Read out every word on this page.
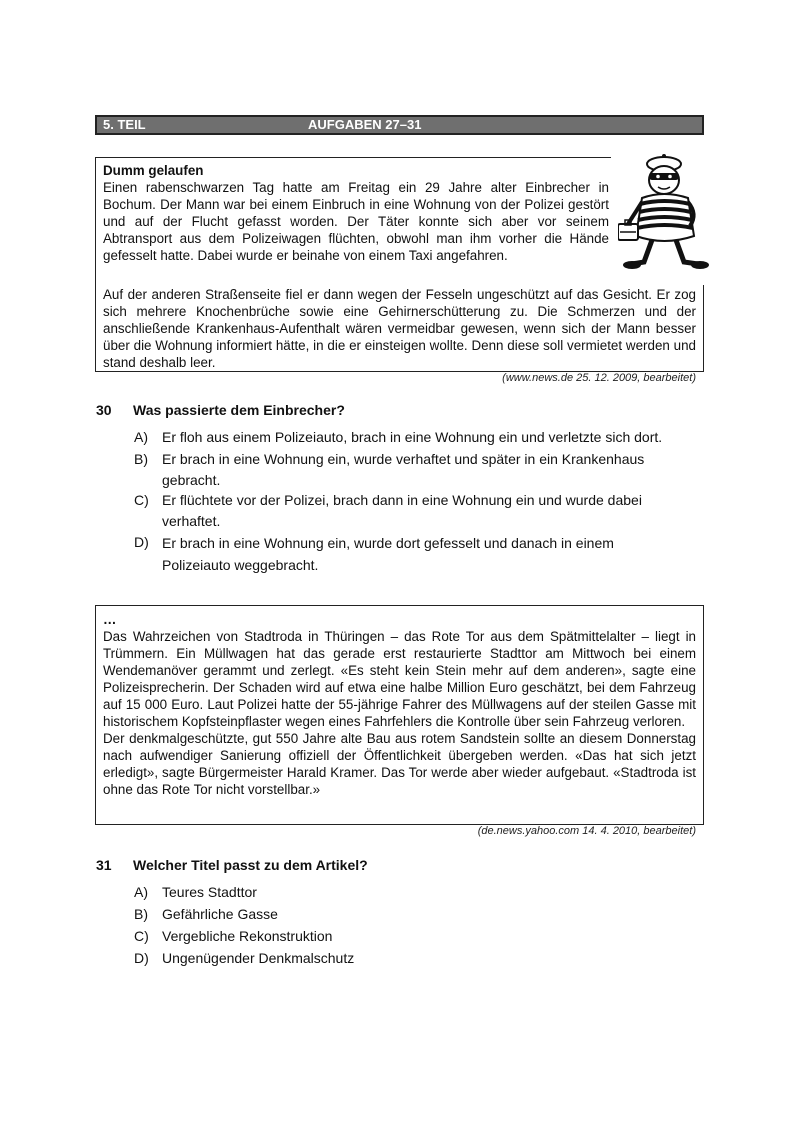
5. TEIL	AUFGABEN 27–31

Dumm gelaufen

Einen rabenschwarzen Tag hatte am Freitag ein 29 Jahre alter Einbrecher in Bochum. Der Mann war bei einem Einbruch in eine Wohnung von der Polizei gestört und auf der Flucht gefasst worden. Der Täter konnte sich aber vor seinem Abtransport aus dem Polizeiwagen flüchten, obwohl man ihm vorher die Hände gefesselt hatte. Dabei wurde er beinahe von einem Taxi angefahren.

Auf der anderen Straßenseite fiel er dann wegen der Fesseln ungeschützt auf das Gesicht. Er zog sich mehrere Knochenbrüche sowie eine Gehirnerschütterung zu. Die Schmerzen und der anschließende Krankenhaus-Aufenthalt wären vermeidbar gewesen, wenn sich der Mann besser über die Wohnung informiert hätte, in die er einsteigen wollte. Denn diese soll vermietet werden und stand deshalb leer.

(www.news.de 25. 12. 2009, bearbeitet)
30 Was passierte dem Einbrecher?
A) Er floh aus einem Polizeiauto, brach in eine Wohnung ein und verletzte sich dort.
B) Er brach in eine Wohnung ein, wurde verhaftet und später in ein Krankenhaus gebracht.
C) Er flüchtete vor der Polizei, brach dann in eine Wohnung ein und wurde dabei verhaftet.
D) Er brach in eine Wohnung ein, wurde dort gefesselt und danach in einem Polizeiauto weggebracht.

…

Das Wahrzeichen von Stadtroda in Thüringen – das Rote Tor aus dem Spätmittelalter – liegt in Trümmern. Ein Müllwagen hat das gerade erst restaurierte Stadttor am Mittwoch bei einem Wendemanöver gerammt und zerlegt. «Es steht kein Stein mehr auf dem anderen», sagte eine Polizeisprecherin. Der Schaden wird auf etwa eine halbe Million Euro geschätzt, bei dem Fahrzeug auf 15 000 Euro. Laut Polizei hatte der 55-jährige Fahrer des Müllwagens auf der steilen Gasse mit historischem Kopfsteinpflaster wegen eines Fahrfehlers die Kontrolle über sein Fahrzeug verloren.

Der denkmalgeschützte, gut 550 Jahre alte Bau aus rotem Sandstein sollte an diesem Donnerstag nach aufwendiger Sanierung offiziell der Öffentlichkeit übergeben werden. «Das hat sich jetzt erledigt», sagte Bürgermeister Harald Kramer. Das Tor werde aber wieder aufgebaut. «Stadtroda ist ohne das Rote Tor nicht vorstellbar.»

(de.news.yahoo.com 14. 4. 2010, bearbeitet)
31 Welcher Titel passt zu dem Artikel?
A) Teures Stadttor
B) Gefährliche Gasse
C) Vergebliche Rekonstruktion
D) Ungenügender Denkmalschutz
